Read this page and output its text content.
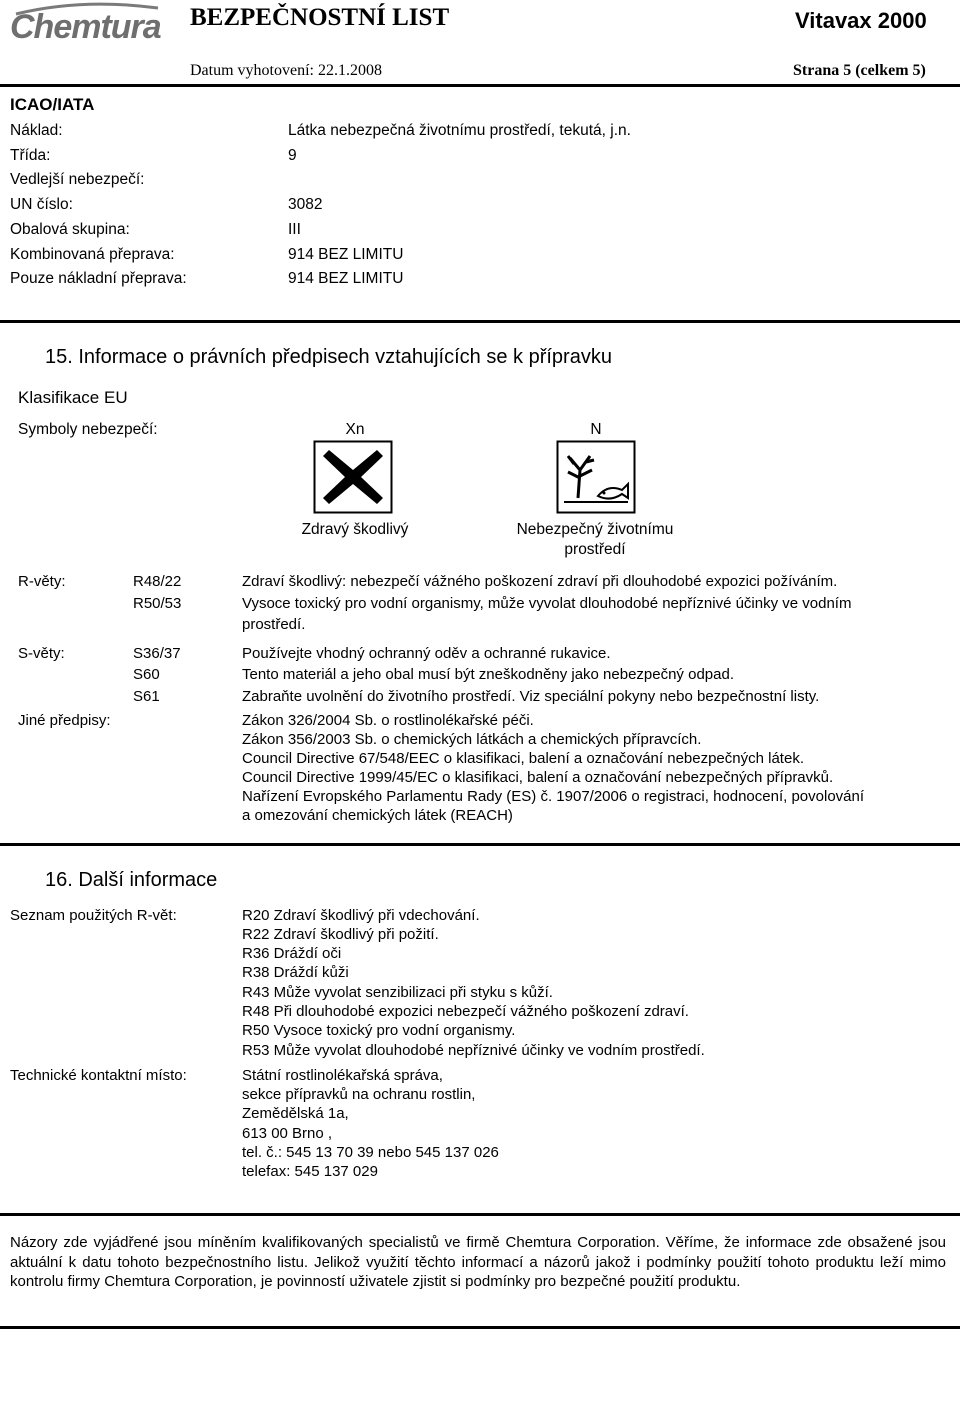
Chemtura BEZPEČNOSTNÍ LIST	Vitavax 2000
Datum vyhotovení: 22.1.2008	Strana 5 (celkem 5)
ICAO/IATA
Náklad:	Látka nebezpečná životnímu prostředí, tekutá, j.n.
Třída:	9
Vedlejší nebezpečí:
UN číslo:	3082
Obalová skupina:	III
Kombinovaná přeprava:	914 BEZ LIMITU
Pouze nákladní přeprava:	914 BEZ LIMITU
15. Informace o právních předpisech vztahujících se k přípravku
Klasifikace EU
Symboly nebezpečí:	Xn	N
Zdravý škodlivý	Nebezpečný životnímu
prostředí
R-věty:	R48/22	Zdraví škodlivý: nebezpečí vážného poškození zdraví při dlouhodobé expozici požíváním.
R50/53	Vysoce toxický pro vodní organismy, může vyvolat dlouhodobé nepříznivé účinky ve vodním
prostředí.
S-věty:	S36/37	Používejte vhodný ochranný oděv a ochranné rukavice.
S60	Tento materiál a jeho obal musí být zneškodněny jako nebezpečný odpad.
S61	Zabraňte uvolnění do životního prostředí. Viz speciální pokyny nebo bezpečnostní listy.
Jiné předpisy:	Zákon 326/2004 Sb. o rostlinolékařské péči.
Zákon 356/2003 Sb. o chemických látkách a chemických přípravcích.
Council Directive 67/548/EEC o klasifikaci, balení a označování nebezpečných látek.
Council Directive 1999/45/EC o klasifikaci, balení a označování nebezpečných přípravků.
Nařízení Evropského Parlamentu Rady (ES) č. 1907/2006 o registraci, hodnocení, povolování
a omezování chemických látek (REACH)
16. Další informace
Seznam použitých R-vět:	R20 Zdraví škodlivý při vdechování.
R22 Zdraví škodlivý při požití.
R36 Dráždí oči
R38 Dráždí kůži
R43 Může vyvolat senzibilizaci při styku s kůží.
R48 Při dlouhodobé expozici nebezpečí vážného poškození zdraví.
R50 Vysoce toxický pro vodní organismy.
R53 Může vyvolat dlouhodobé nepříznivé účinky ve vodním prostředí.
Technické kontaktní místo:	Státní rostlinolékařská správa,
sekce přípravků na ochranu rostlin,
Zemědělská 1a,
613 00 Brno ,
tel. č.: 545 13 70 39 nebo 545 137 026
telefax: 545 137 029
Názory zde vyjádřené jsou míněním kvalifikovaných specialistů ve firmě Chemtura Corporation. Věříme, že informace zde obsažené jsou aktuální k datu tohoto bezpečnostního listu. Jelikož využití těchto informací a názorů jakož i podmínky použití tohoto produktu leží mimo kontrolu firmy Chemtura Corporation, je povinností uživatele zjistit si podmínky pro bezpečné použití produktu.
